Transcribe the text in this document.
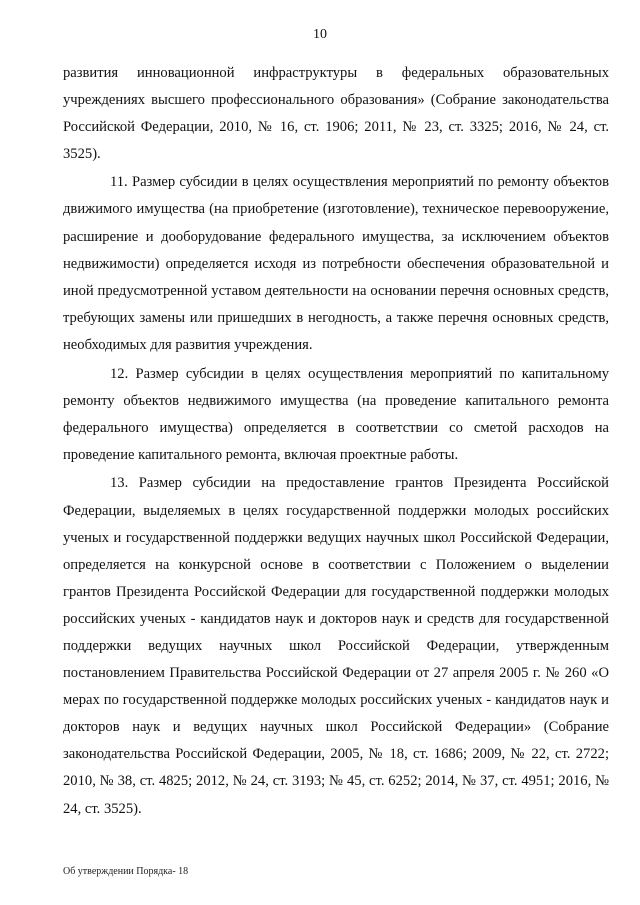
10

развития инновационной инфраструктуры в федеральных образовательных учреждениях высшего профессионального образования» (Собрание законодательства Российской Федерации, 2010, № 16, ст. 1906; 2011, № 23, ст. 3325; 2016, № 24, ст. 3525).

11. Размер субсидии в целях осуществления мероприятий по ремонту объектов движимого имущества (на приобретение (изготовление), техническое перевооружение, расширение и дооборудование федерального имущества, за исключением объектов недвижимости) определяется исходя из потребности обеспечения образовательной и иной предусмотренной уставом деятельности на основании перечня основных средств, требующих замены или пришедших в негодность, а также перечня основных средств, необходимых для развития учреждения.

12. Размер субсидии в целях осуществления мероприятий по капитальному ремонту объектов недвижимого имущества (на проведение капитального ремонта федерального имущества) определяется в соответствии со сметой расходов на проведение капитального ремонта, включая проектные работы.

13. Размер субсидии на предоставление грантов Президента Российской Федерации, выделяемых в целях государственной поддержки молодых российских ученых и государственной поддержки ведущих научных школ Российской Федерации, определяется на конкурсной основе в соответствии с Положением о выделении грантов Президента Российской Федерации для государственной поддержки молодых российских ученых - кандидатов наук и докторов наук и средств для государственной поддержки ведущих научных школ Российской Федерации, утвержденным постановлением Правительства Российской Федерации от 27 апреля 2005 г. № 260 «О мерах по государственной поддержке молодых российских ученых - кандидатов наук и докторов наук и ведущих научных школ Российской Федерации» (Собрание законодательства Российской Федерации, 2005, № 18, ст. 1686; 2009, № 22, ст. 2722; 2010, № 38, ст. 4825; 2012, № 24, ст. 3193; № 45, ст. 6252; 2014, № 37, ст. 4951; 2016, № 24, ст. 3525).

Об утверждении Порядка- 18
